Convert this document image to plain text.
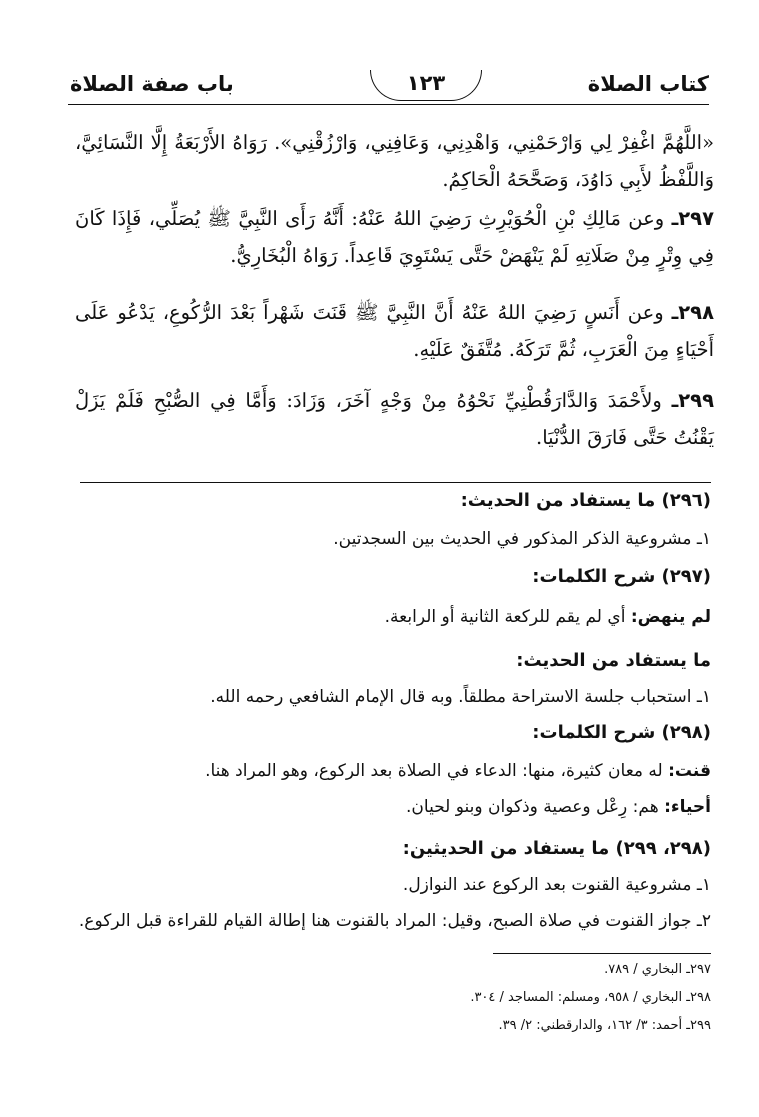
كتاب الصلاة
١٢٣
باب صفة الصلاة
«اللَّهُمَّ اغْفِرْ لِي وَارْحَمْنِي، وَاهْدِنِي، وَعَافِنِي، وَارْزُقْنِي». رَوَاهُ الأَرْبَعَةُ إِلَّا النَّسَائِيَّ، وَاللَّفْظُ لأَبِي دَاوُدَ، وَصَحَّحَهُ الْحَاكِمُ.
٢٩٧ـ وعن مَالِكِ بْنِ الْحُوَيْرِثِ رَضِيَ اللهُ عَنْهُ: أَنَّهُ رَأَى النَّبِيَّ ﷺ يُصَلِّي، فَإِذَا كَانَ فِي وِتْرٍ مِنْ صَلَاتِهِ لَمْ يَنْهَضْ حَتَّى يَسْتَوِيَ قَاعِداً. رَوَاهُ الْبُخَارِيُّ.
٢٩٨ـ وعن أَنَسٍ رَضِيَ اللهُ عَنْهُ أَنَّ النَّبِيَّ ﷺ قَنَتَ شَهْراً بَعْدَ الرُّكُوعِ، يَدْعُو عَلَى أَحْيَاءٍ مِنَ الْعَرَبِ، ثُمَّ تَرَكَهُ. مُتَّفَقٌ عَلَيْهِ.
٢٩٩ـ ولأَحْمَدَ وَالدَّارَقُطْنِيِّ نَحْوُهُ مِنْ وَجْهٍ آخَرَ، وَزَادَ: وَأَمَّا فِي الصُّبْحِ فَلَمْ يَزَلْ يَقْنُتُ حَتَّى فَارَقَ الدُّنْيَا.
(٢٩٦) ما يستفاد من الحديث:
١ـ مشروعية الذكر المذكور في الحديث بين السجدتين.
(٢٩٧) شرح الكلمات:
لم ينهض: أي لم يقم للركعة الثانية أو الرابعة.
ما يستفاد من الحديث:
١ـ استحباب جلسة الاستراحة مطلقاً. وبه قال الإمام الشافعي رحمه الله.
(٢٩٨) شرح الكلمات:
قنت: له معان كثيرة، منها: الدعاء في الصلاة بعد الركوع، وهو المراد هنا.
أحياء: هم: رِعْل وعصية وذكوان وبنو لحيان.
(٢٩٨، ٢٩٩) ما يستفاد من الحديثين:
١ـ مشروعية القنوت بعد الركوع عند النوازل.
٢ـ جواز القنوت في صلاة الصبح، وقيل: المراد بالقنوت هنا إطالة القيام للقراءة قبل الركوع.
٢٩٧ـ البخاري / ٧٨٩.
٢٩٨ـ البخاري / ٩٥٨، ومسلم: المساجد / ٣٠٤.
٢٩٩ـ أحمد: ٣/ ١٦٢، والدارقطني: ٢/ ٣٩.
